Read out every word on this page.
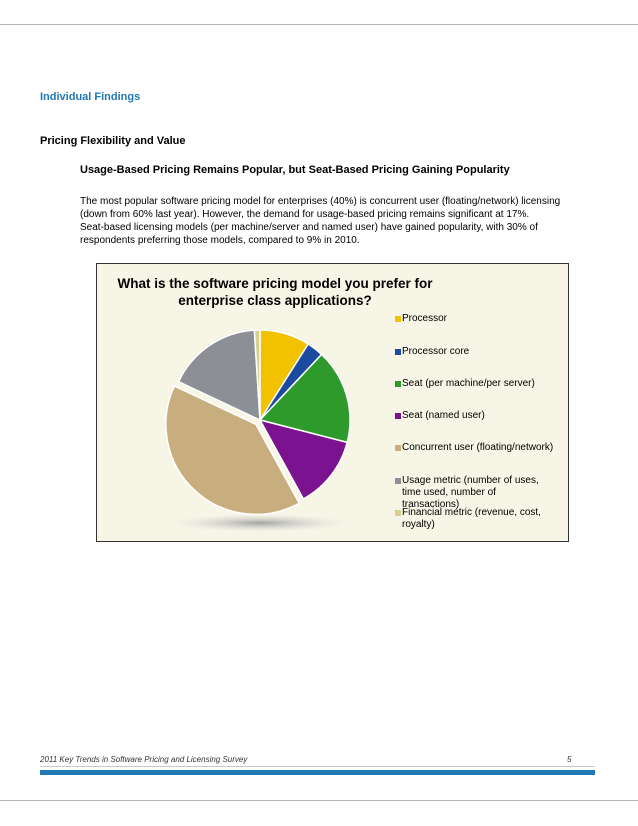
Individual Findings
Pricing Flexibility and Value
Usage-Based Pricing Remains Popular, but Seat-Based Pricing Gaining Popularity
The most popular software pricing model for enterprises (40%) is concurrent user (floating/network) licensing
(down from 60% last year). However, the demand for usage-based pricing remains significant at 17%.
Seat-based licensing models (per machine/server and named user) have gained popularity, with 30% of
respondents preferring those models, compared to 9% in 2010.
What is the software pricing model you prefer for
enterprise class applications?
Processor
Processor core
Seat (per machine/per server)
Seat (named user)
Concurrent user (floating/network)
Usage metric (number of uses, time used, number of transactions)
Financial metric (revenue, cost, royalty)
2011 Key Trends in Software Pricing and Licensing Survey	5
